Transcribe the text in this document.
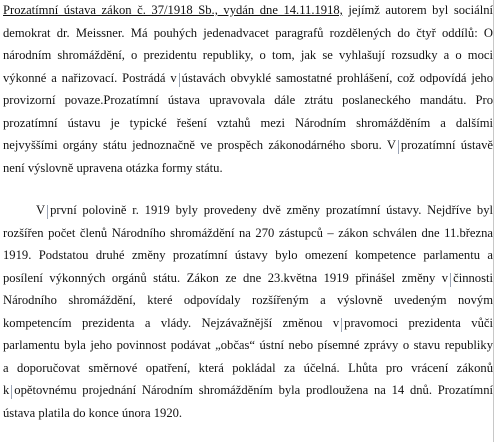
Prozatímní ústava zákon č. 37/1918 Sb., vydán dne 14.11.1918, jejímž autorem byl sociální
demokrat dr. Meissner. Má pouhých jedenadvacet paragrafů rozdělených do čtyř oddílů: O
národním shromáždění, o prezidentu republiky, o tom, jak se vyhlašují rozsudky a o moci
výkonné a nařizovací. Postrádá v ústavách obvyklé samostatné prohlášení, což odpovídá jeho
provizorní povaze.Prozatímní ústava upravovala dále ztrátu poslaneckého mandátu. Pro
prozatímní ústavu je typické řešení vztahů mezi Národním shromážděním a dalšími
nejvyššími orgány státu jednoznačně ve prospěch zákonodárného sboru. V prozatímní ústavě
není výslovně upravena otázka formy státu.
V první polovině r. 1919 byly provedeny dvě změny prozatímní ústavy. Nejdříve byl
rozšířen počet členů Národního shromáždění na 270 zástupců – zákon schválen dne 11.března
1919. Podstatou druhé změny prozatímní ústavy bylo omezení kompetence parlamentu a
posílení výkonných orgánů státu. Zákon ze dne 23.května 1919 přinášel změny v činnosti
Národního shromáždění, které odpovídaly rozšířeným a výslovně uvedeným novým
kompetencím prezidenta a vlády. Nejzávažnější změnou v pravomoci prezidenta vůči
parlamentu byla jeho povinnost podávat „občas“ ústní nebo písemné zprávy o stavu republiky
a doporučovat směrnové opatření, která pokládal za účelná. Lhůta pro vrácení zákonů
k opětovnému projednání Národním shromážděním byla prodloužena na 14 dnů. Prozatímní
ústava platila do konce února 1920.
